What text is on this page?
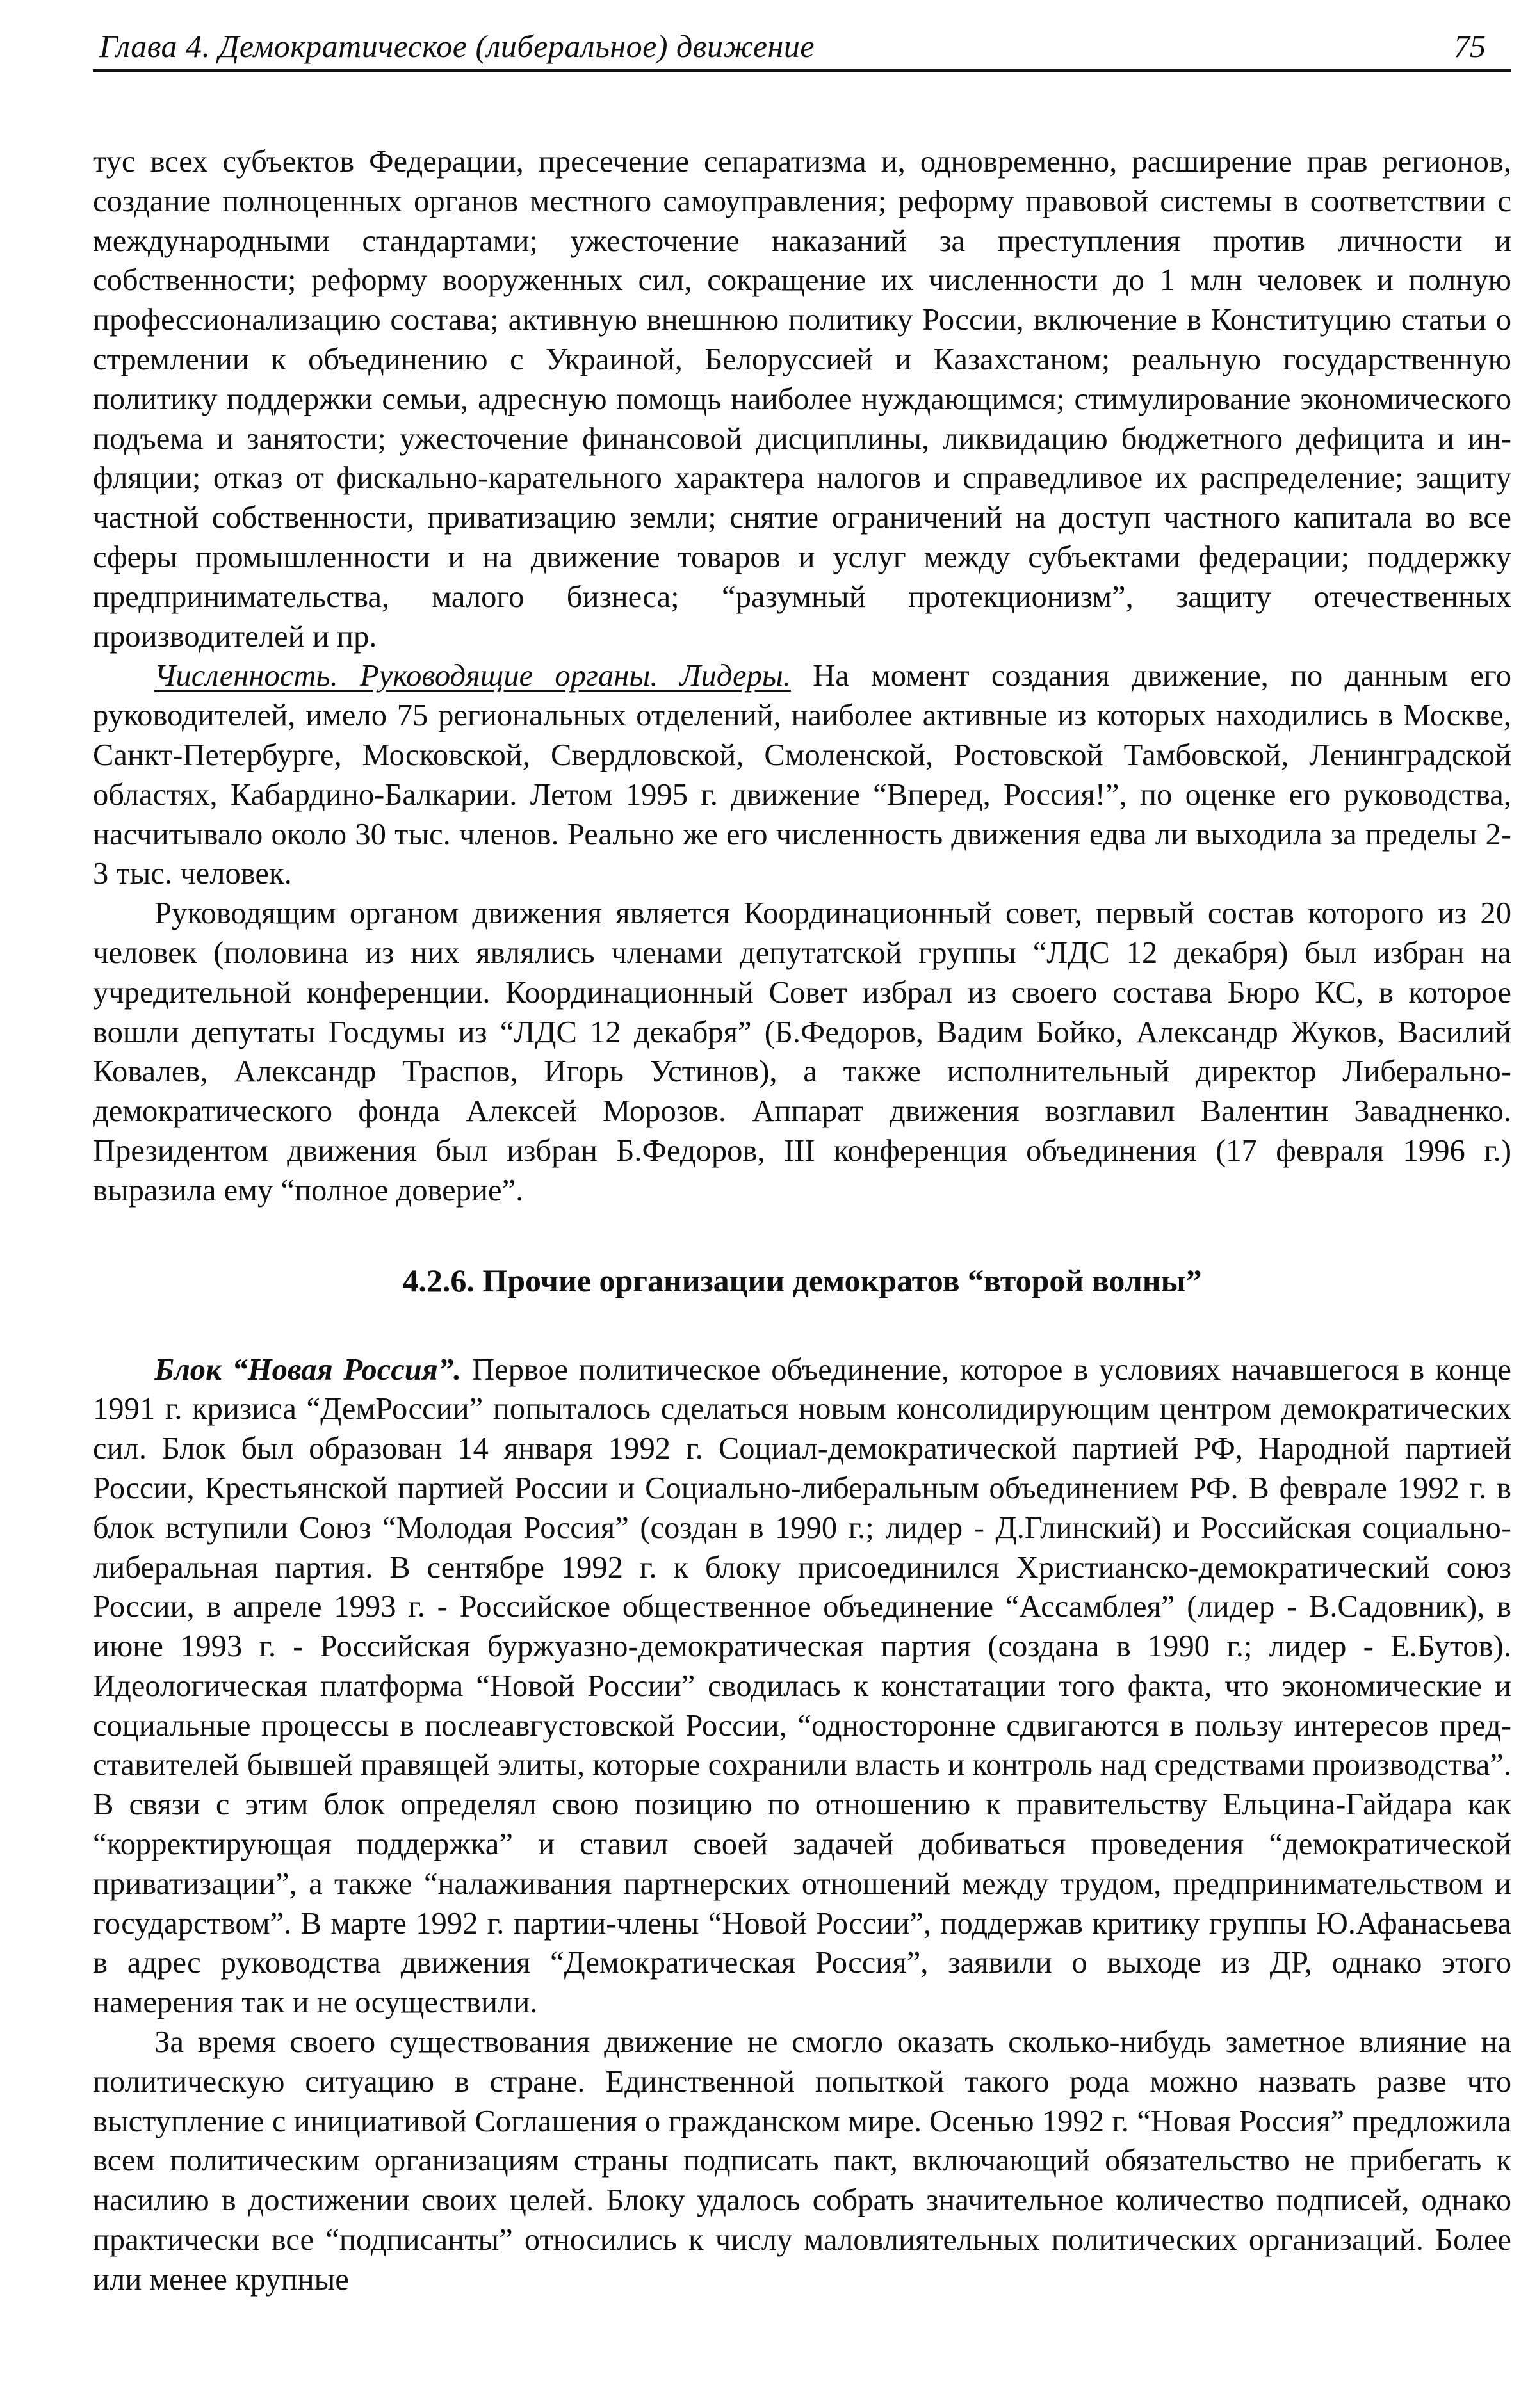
Глава 4. Демократическое (либеральное) движение	75

тус всех субъектов Федерации, пресечение сепаратизма и, одновременно, расширение прав регионов, создание полноценных органов местного самоуправления; реформу правовой системы в соответствии с международными стандартами; ужесточение наказаний за преступления против личности и собственности; реформу вооруженных сил, сокращение их численности до 1 млн человек и полную профессионализацию состава; активную внешнюю политику России, включение в Конституцию статьи о стремлении к объединению с Украиной, Белоруссией и Казахстаном; реальную государственную политику поддержки семьи, адресную помощь наиболее нуждающимся; стимулирование экономического подъема и занятости; ужесточение финансовой дисциплины, ликвидацию бюджетного дефицита и инфляции; отказ от фискально-карательного характера налогов и справедливое их распределение; защиту частной собственности, приватизацию земли; снятие ограничений на доступ частного капитала во все сферы промышленности и на движение товаров и услуг между субъектами федерации; поддержку предпринимательства, малого бизнеса; “разумный протекционизм”, защиту отечественных производителей и пр.

Численность. Руководящие органы. Лидеры. На момент создания движение, по данным его руководителей, имело 75 региональных отделений, наиболее активные из которых находились в Москве, Санкт-Петербурге, Московской, Свердловской, Смоленской, Ростовской Тамбовской, Ленинградской областях, Кабардино-Балкарии. Летом 1995 г. движение “Вперед, Россия!”, по оценке его руководства, насчитывало около 30 тыс. членов. Реально же его численность движения едва ли выходила за пределы 2-3 тыс. человек.

Руководящим органом движения является Координационный совет, первый состав которого из 20 человек (половина из них являлись членами депутатской группы “ЛДС 12 декабря) был избран на учредительной конференции. Координационный Совет избрал из своего состава Бюро КС, в которое вошли депутаты Госдумы из “ЛДС 12 декабря” (Б.Федоров, Вадим Бойко, Александр Жуков, Василий Ковалев, Александр Траспов, Игорь Устинов), а также исполнительный директор Либерально-демократического фонда Алексей Морозов. Аппарат движения возглавил Валентин Завадненко. Президентом движения был избран Б.Федоров, III конференция объединения (17 февраля 1996 г.) выразила ему “полное доверие”.

4.2.6. Прочие организации демократов “второй волны”

Блок “Новая Россия”. Первое политическое объединение, которое в условиях начавшегося в конце 1991 г. кризиса “ДемРоссии” попыталось сделаться новым консолидирующим центром демократических сил. Блок был образован 14 января 1992 г. Социал-демократической партией РФ, Народной партией России, Крестьянской партией России и Социально-либеральным объединением РФ. В феврале 1992 г. в блок вступили Союз “Молодая Россия” (создан в 1990 г.; лидер - Д.Глинский) и Российская социально-либеральная партия. В сентябре 1992 г. к блоку присоединился Христианско-демократический союз России, в апреле 1993 г. - Российское общественное объединение “Ассамблея” (лидер - В.Садовник), в июне 1993 г. - Российская буржуазно-демократическая партия (создана в 1990 г.; лидер - Е.Бутов). Идеологическая платформа “Новой России” сводилась к констатации того факта, что экономические и социальные процессы в послеавгустовской России, “односторонне сдвигаются в пользу интересов представителей бывшей правящей элиты, которые сохранили власть и контроль над средствами производства”. В связи с этим блок определял свою позицию по отношению к правительству Ельцина-Гайдара как “корректирующая поддержка” и ставил своей задачей добиваться проведения “демократической приватизации”, а также “налаживания партнерских отношений между трудом, предпринимательством и государством”. В марте 1992 г. партии-члены “Новой России”, поддержав критику группы Ю.Афанасьева в адрес руководства движения “Демократическая Россия”, заявили о выходе из ДР, однако этого намерения так и не осуществили.

За время своего существования движение не смогло оказать сколько-нибудь заметное влияние на политическую ситуацию в стране. Единственной попыткой такого рода можно назвать разве что выступление с инициативой Соглашения о гражданском мире. Осенью 1992 г. “Новая Россия” предложила всем политическим организациям страны подписать пакт, включающий обязательство не прибегать к насилию в достижении своих целей. Блоку удалось собрать значительное количество подписей, однако практически все “подписанты” относились к числу маловлиятельных политических организаций. Более или менее крупные
